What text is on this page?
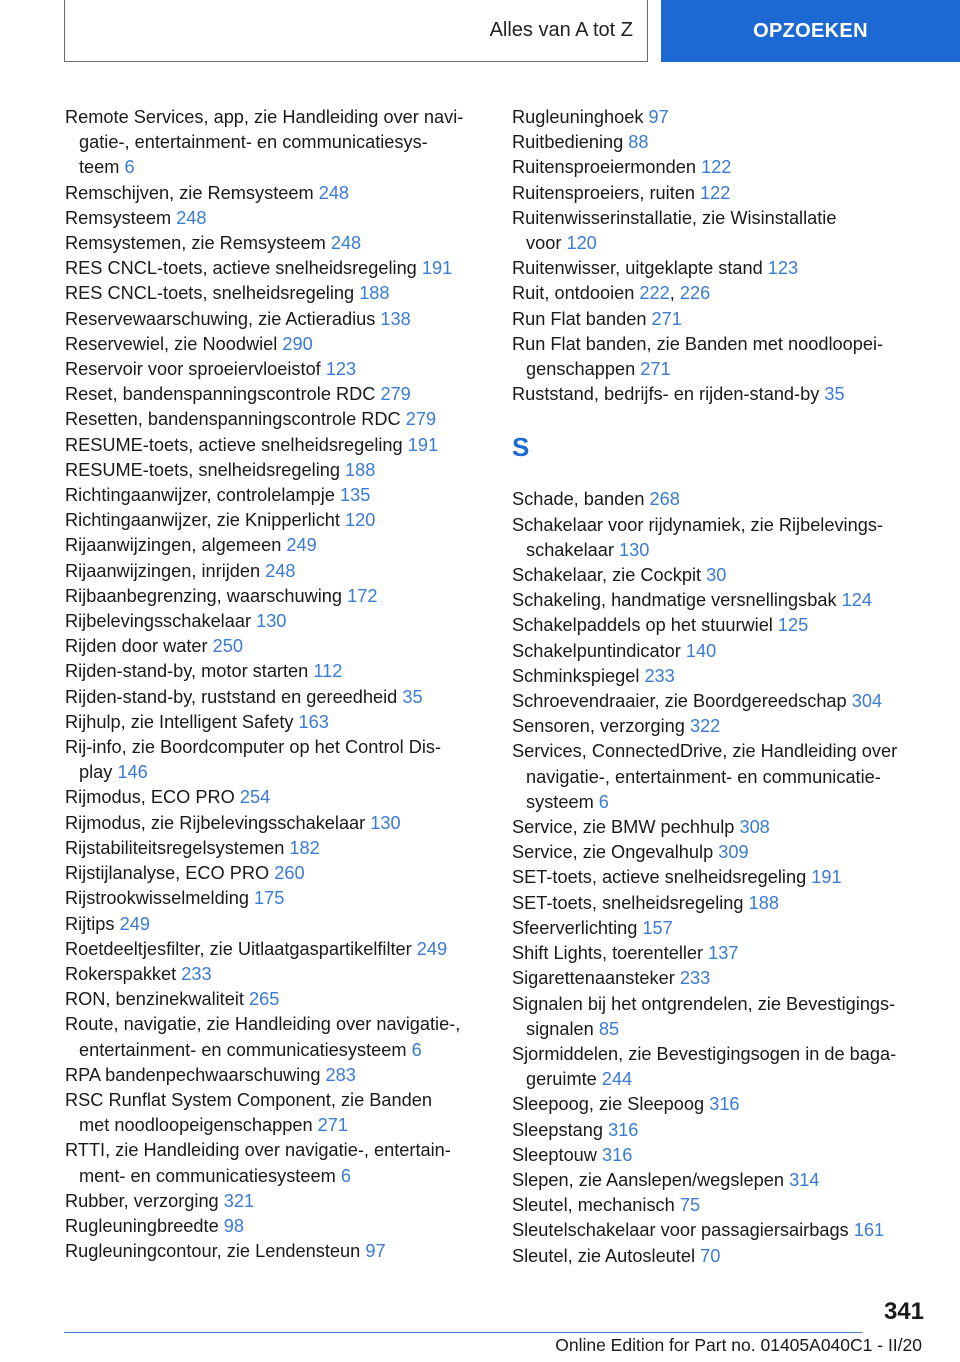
Alles van A tot Z	OPZOEKEN
Remote Services, app, zie Handleiding over navi-
gatie-, entertainment- en communicatiesys-
teem 6
Remschijven, zie Remsysteem 248
Remsysteem 248
Remsystemen, zie Remsysteem 248
RES CNCL-toets, actieve snelheidsregeling 191
RES CNCL-toets, snelheidsregeling 188
Reservewaarschuwing, zie Actieradius 138
Reservewiel, zie Noodwiel 290
Reservoir voor sproeiervloeistof 123
Reset, bandenspanningscontrole RDC 279
Resetten, bandenspanningscontrole RDC 279
RESUME-toets, actieve snelheidsregeling 191
RESUME-toets, snelheidsregeling 188
Richtingaanwijzer, controlelampje 135
Richtingaanwijzer, zie Knipperlicht 120
Rijaanwijzingen, algemeen 249
Rijaanwijzingen, inrijden 248
Rijbaanbegrenzing, waarschuwing 172
Rijbelevingsschakelaar 130
Rijden door water 250
Rijden-stand-by, motor starten 112
Rijden-stand-by, ruststand en gereedheid 35
Rijhulp, zie Intelligent Safety 163
Rij-info, zie Boordcomputer op het Control Dis-
play 146
Rijmodus, ECO PRO 254
Rijmodus, zie Rijbelevingsschakelaar 130
Rijstabiliteitsregelsystemen 182
Rijstijlanalyse, ECO PRO 260
Rijstrookwisselmelding 175
Rijtips 249
Roetdeeltjesfilter, zie Uitlaatgaspartikelfilter 249
Rokerspakket 233
RON, benzinekwaliteit 265
Route, navigatie, zie Handleiding over navigatie-,
entertainment- en communicatiesysteem 6
RPA bandenpechwaarschuwing 283
RSC Runflat System Component, zie Banden
met noodloopeigenschappen 271
RTTI, zie Handleiding over navigatie-, entertain-
ment- en communicatiesysteem 6
Rubber, verzorging 321
Rugleuningbreedte 98
Rugleuningcontour, zie Lendensteun 97
Rugleuninghoek 97
Ruitbediening 88
Ruitensproeiermonden 122
Ruitensproeiers, ruiten 122
Ruitenwisserinstallatie, zie Wisinstallatie
voor 120
Ruitenwisser, uitgeklapte stand 123
Ruit, ontdooien 222, 226
Run Flat banden 271
Run Flat banden, zie Banden met noodloopei-
genschappen 271
Ruststand, bedrijfs- en rijden-stand-by 35
S
Schade, banden 268
Schakelaar voor rijdynamiek, zie Rijbelevings-
schakelaar 130
Schakelaar, zie Cockpit 30
Schakeling, handmatige versnellingsbak 124
Schakelpaddels op het stuurwiel 125
Schakelpuntindicator 140
Schminkspiegel 233
Schroevendraaier, zie Boordgereedschap 304
Sensoren, verzorging 322
Services, ConnectedDrive, zie Handleiding over
navigatie-, entertainment- en communicatie-
systeem 6
Service, zie BMW pechhulp 308
Service, zie Ongevalhulp 309
SET-toets, actieve snelheidsregeling 191
SET-toets, snelheidsregeling 188
Sfeerverlichting 157
Shift Lights, toerenteller 137
Sigarettenaansteker 233
Signalen bij het ontgrendelen, zie Bevestigings-
signalen 85
Sjormiddelen, zie Bevestigingsogen in de baga-
geruimte 244
Sleepoog, zie Sleepoog 316
Sleepstang 316
Sleeptouw 316
Slepen, zie Aanslepen/wegslepen 314
Sleutel, mechanisch 75
Sleutelschakelaar voor passagiersairbags 161
Sleutel, zie Autosleutel 70
341
Online Edition for Part no. 01405A040C1 - II/20
